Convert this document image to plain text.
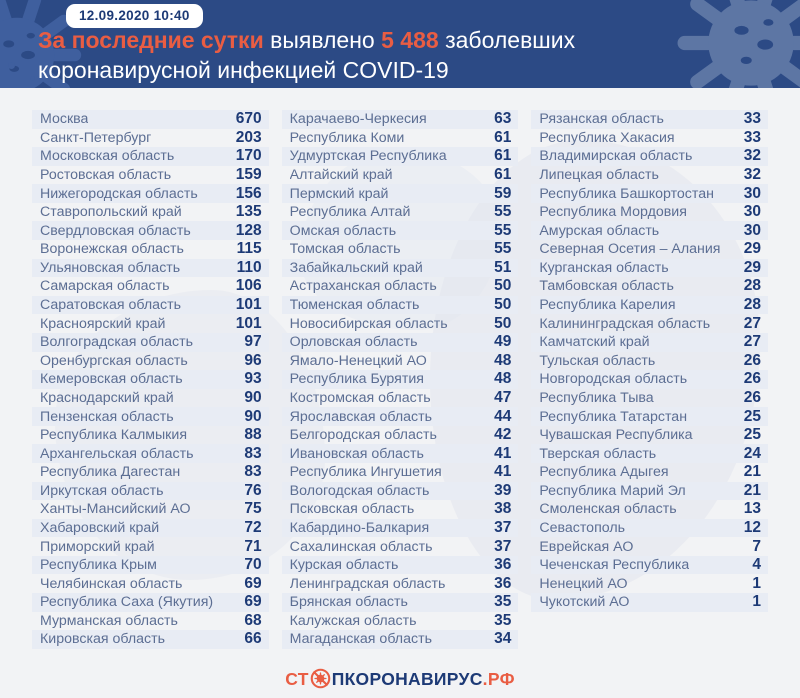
12.09.2020 10:40
За последние сутки выявлено 5 488 заболевших
коронавирусной инфекцией COVID-19
Москва	670
Санкт-Петербург	203
Московская область	170
Ростовская область	159
Нижегородская область 156
Ставропольский край	135
Свердловская область	128
Воронежская область	115
Ульяновская область	110
Самарская область	106
Саратовская область	101
Красноярский край	101
Волгоградская область	97
Оренбургская область	96
Кемеровская область	93
Краснодарский край	90
Пензенская область	90
Республика Калмыкия	88
Архангельская область	83
Республика Дагестан	83
Иркутская область	76
Ханты-Мансийский АО	75
Хабаровский край	72
Приморский край	71
Республика Крым	70
Челябинская область	69
Республика Саха (Якутия) 69
Мурманская область	68
Кировская область	66
Карачаево-Черкесия	63
Республика Коми	61
Удмуртская Республика	61
Алтайский край	61
Пермский край	59
Республика Алтай	55
Омская область	55
Томская область	55
Забайкальский край	51
Астраханская область	50
Тюменская область	50
Новосибирская область	50
Орловская область	49
Ямало-Ненецкий АО	48
Республика Бурятия	48
Костромская область	47
Ярославская область	44
Белгородская область	42
Ивановская область	41
Республика Ингушетия	41
Вологодская область	39
Псковская область	38
Кабардино-Балкария	37
Сахалинская область	37
Курская область	36
Ленинградская область	36
Брянская область	35
Калужская область	35
Магаданская область	34
Рязанская область	33
Республика Хакасия	33
Владимирская область	32
Липецкая область	32
Республика Башкортостан 30
Республика Мордовия	30
Амурская область	30
Северная Осетия – Алания 29
Курганская область	29
Тамбовская область	28
Республика Карелия	28
Калининградская область 27
Камчатский край	27
Тульская область	26
Новгородская область	26
Республика Тыва	26
Республика Татарстан	25
Чувашская Республика	25
Тверская область	24
Республика Адыгея	21
Республика Марий Эл	21
Смоленская область	13
Севастополь	12
Еврейская АО	7
Чеченская Республика	4
Ненецкий АО	1
Чукотский АО	1
СТ ПКОРОНАВИРУС.РФ
